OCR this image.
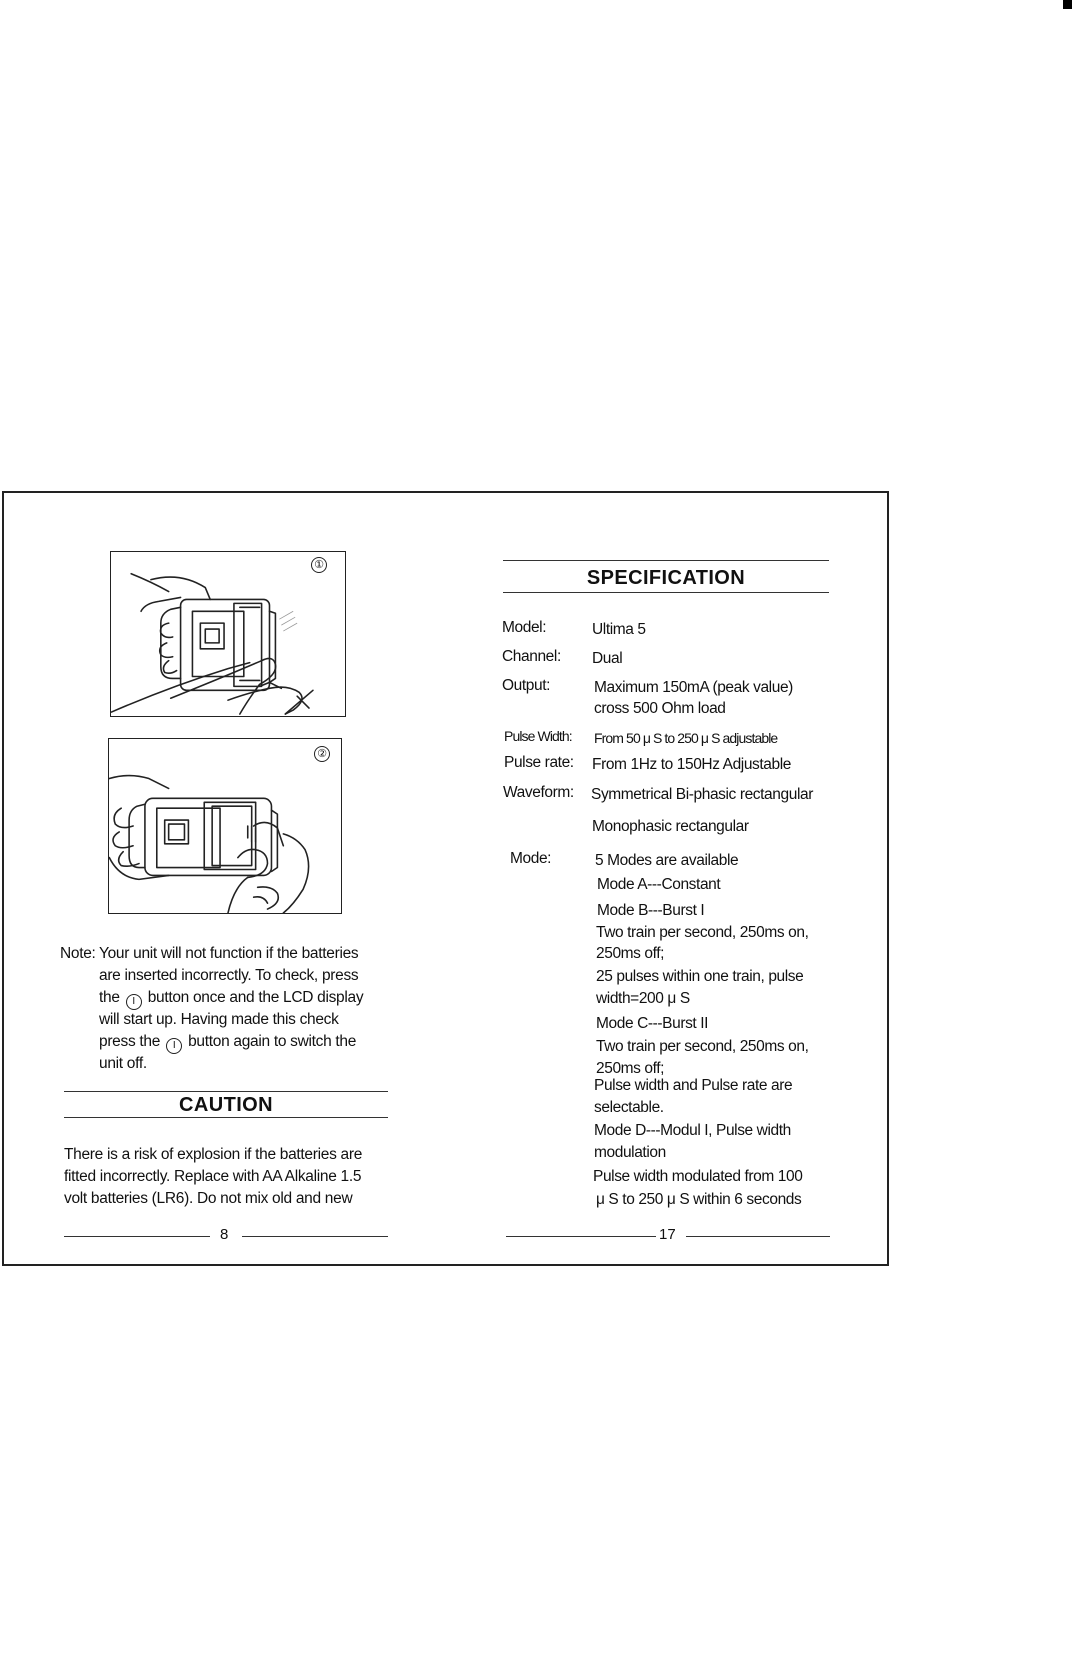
①
②
Note: Your unit will not function if the batteries
are inserted incorrectly. To check, press
the I button once and the LCD display
will start up. Having made this check
press the I button again to switch the
unit off.
CAUTION
There is a risk of explosion if the batteries are
fitted incorrectly. Replace with AA Alkaline 1.5
volt batteries (LR6). Do not mix old and new
8
SPECIFICATION
Model:
Channel:
Output:
Pulse Width:
Pulse rate:
Waveform:
Mode:
Ultima 5
Dual
Maximum 150mA (peak value)
cross 500 Ohm load
From 50 μ S to 250 μ S adjustable
From 1Hz to 150Hz Adjustable
Symmetrical Bi-phasic rectangular
Monophasic rectangular
5 Modes are available
Mode A---Constant
Mode B---Burst I
Two train per second, 250ms on,
250ms off;
25 pulses within one train, pulse
width=200 μ S
Mode C---Burst II
Two train per second, 250ms on,
250ms off;
Pulse width and Pulse rate are
selectable.
Mode D---Modul I, Pulse width
modulation
Pulse width modulated from 100
μ S to 250 μ S within 6 seconds
17
